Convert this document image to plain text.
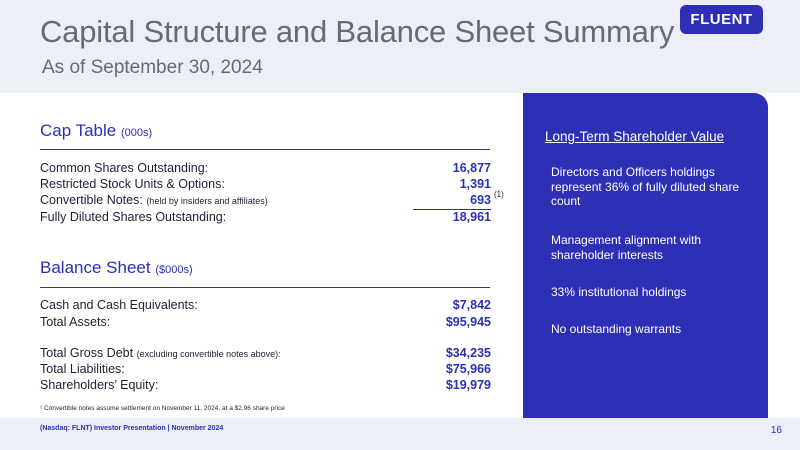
Capital Structure and Balance Sheet Summary
As of September 30, 2024
FLUENT
Cap Table (000s)
Common Shares Outstanding:	16,877
Restricted Stock Units & Options:	1,391
Convertible Notes: (held by insiders and affiliates)	693 (1)
Fully Diluted Shares Outstanding:	18,961
Balance Sheet ($000s)
Cash and Cash Equivalents:	$7,842
Total Assets:	$95,945
Total Gross Debt (excluding convertible notes above):	$34,235
Total Liabilities:	$75,966
Shareholders’ Equity:	$19,979
¹ Convertible notes assume settlement on November 11, 2024, at a $2.96 share price
Long-Term Shareholder Value
Directors and Officers holdings represent 36% of fully diluted share count
Management alignment with shareholder interests
33% institutional holdings
No outstanding warrants
(Nasdaq: FLNT) Investor Presentation | November 2024	16
